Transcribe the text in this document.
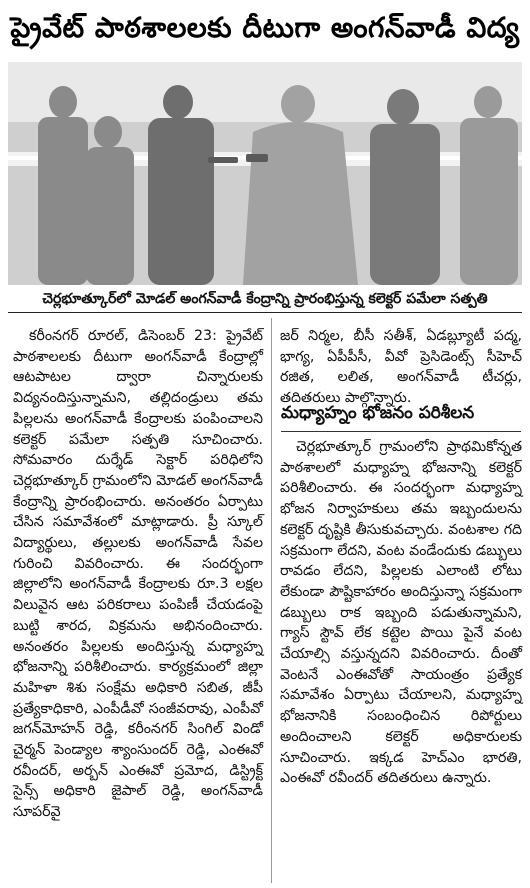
ప్రైవేట్ పాఠశాలలకు దీటుగా అంగన్‌వాడీ విద్య
చెర్లభూత్కూర్‌లో మోడల్ అంగన్‌వాడీ కేంద్రాన్ని ప్రారంభిస్తున్న కలెక్టర్ పమేలా సత్పతి

కరీంనగర్ రూరల్, డిసెంబర్ 23: ప్రైవేట్ పాఠశాలలకు దీటుగా అంగన్‌వాడీ కేంద్రాల్లో ఆటపాటల ద్వారా చిన్నారులకు విద్యనందిస్తున్నామని, తల్లిదండ్రులు తమ పిల్లలను అంగన్‌వాడీ కేంద్రాలకు పంపించాలని కలెక్టర్ పమేలా సత్పతి సూచించారు. సోమవారం దుర్శేడ్ సెక్టార్ పరిధిలోని చెర్లభూత్కూర్ గ్రామంలోని మోడల్ అంగన్‌వాడీ కేంద్రాన్ని ప్రారంభించారు. అనంతరం ఏర్పాటు చేసిన సమావేశంలో మాట్లాడారు. ప్రీ స్కూల్ విద్యార్థులు, తల్లులకు అంగన్‌వాడీ సేవల గురించి వివరించారు. ఈ సందర్భంగా జిల్లాలోని అంగన్‌వాడీ కేంద్రాలకు రూ.3 లక్షల విలువైన ఆట పరికరాలు పంపిణీ చేయడంపై బుట్టి శారద, విక్రమను అభినందించారు. అనంతరం పిల్లలకు అందిస్తున్న మధ్యాహ్న భోజనాన్ని పరిశీలించారు. కార్యక్రమంలో జిల్లా మహిళా శిశు సంక్షేమ అధికారి సబిత, జీపీ ప్రత్యేకాధికారి, ఎంపీడీవో సంజీవరావు, ఎంపీవో జగన్‌మోహన్ రెడ్డి, కరీంనగర్ సింగిల్ విండో చైర్మన్ పెండ్యాల శ్యాంసుందర్ రెడ్డి, ఎంఈవో రవీందర్, అర్బన్ ఎంఈవో ప్రమోద, డిస్ట్రిక్ట్ సైన్స్ అధికారి జైపాల్ రెడ్డి, అంగన్‌వాడీ సూపర్‌వై

జర్ నిర్మల, బీసీ సతీశ్, ఏడబ్ల్యూటీ పద్మ, భాగ్య, ఏపీపీసీ, వీవో ప్రెసిడెంట్స్ సీహెచ్ రజిత, లలిత, అంగన్‌వాడీ టీచర్లు, తదితరులు పాల్గొన్నారు.

మధ్యాహ్నం భోజనం పరిశీలన

చెర్లభూత్కూర్ గ్రామంలోని ప్రాథమికోన్నత పాఠశాలలో మధ్యాహ్న భోజనాన్ని కలెక్టర్ పరిశీలించారు. ఈ సందర్భంగా మధ్యాహ్న భోజన నిర్వాహకులు తమ ఇబ్బందులను కలెక్టర్ దృష్టికి తీసుకువచ్చారు. వంటశాల గది సక్రమంగా లేదని, వంట వండేందుకు డబ్బులు రావడం లేదని, పిల్లలకు ఎలాంటి లోటు లేకుండా పౌష్టికాహారం అందిస్తున్నా సక్రమంగా డబ్బులు రాక ఇబ్బంది పడుతున్నామని, గ్యాస్ స్టౌవ్ లేక కట్టెల పొయి పైనే వంట చేయాల్సి వస్తున్నదని వివరించారు. దీంతో వెంటనే ఎంఈవోతో సాయంత్రం ప్రత్యేక సమావేశం ఏర్పాటు చేయాలని, మధ్యాహ్న భోజనానికి సంబంధించిన రిపోర్టులు అందించాలని కలెక్టర్ అధికారులకు సూచించారు. ఇక్కడ హెచ్‌ఎం భారతి, ఎంఈవో రవీందర్ తదితరులు ఉన్నారు.
